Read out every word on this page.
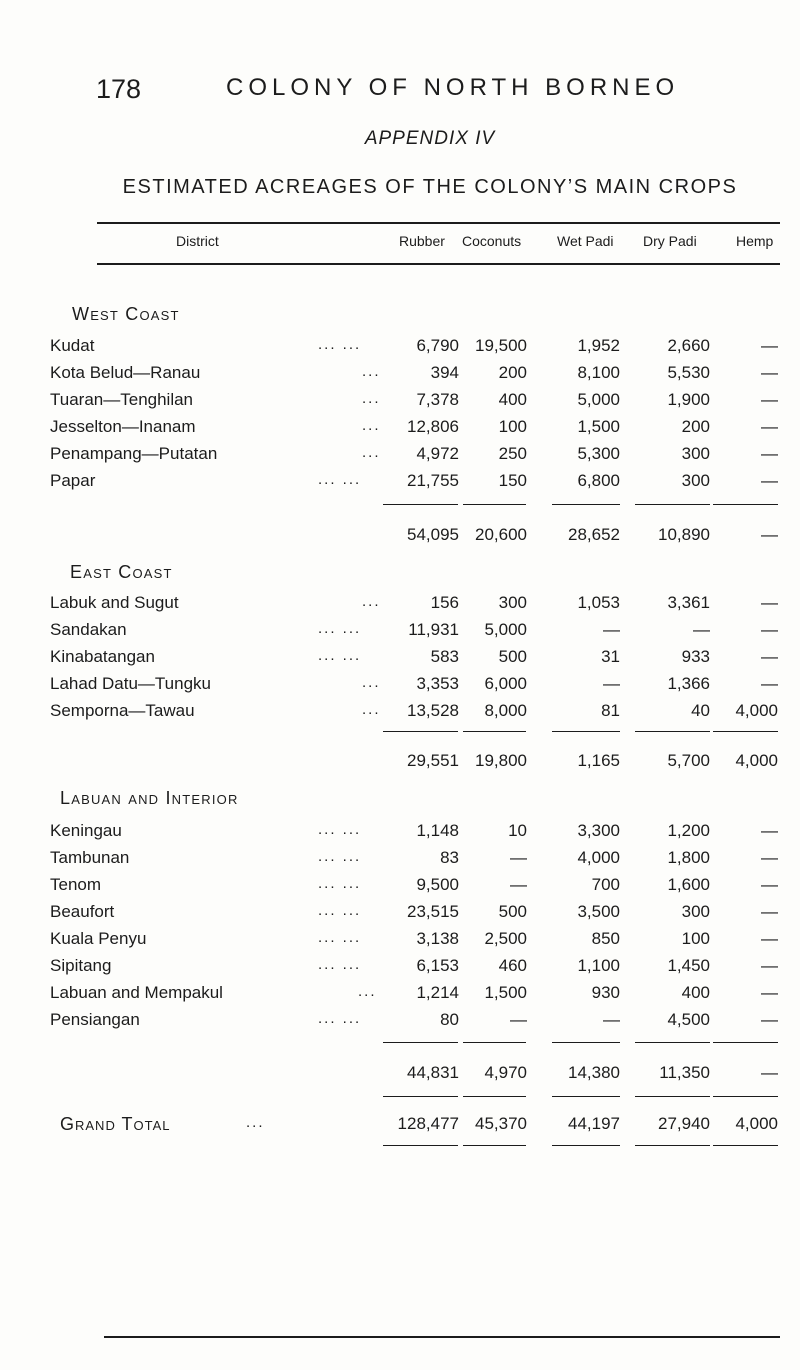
178	COLONY OF NORTH BORNEO
APPENDIX IV
ESTIMATED ACREAGES OF THE COLONY’S MAIN CROPS
District	Rubber Coconuts	Wet Padi Dry Padi	Hemp
West Coast
Kudat	... ...	6,790 19,500	1,952	2,660	—
Kota Belud—Ranau	...	394	200	8,100	5,530	—
Tuaran—Tenghilan	...	7,378	400	5,000	1,900	—
Jesselton—Inanam	...	12,806	100	1,500	200	—
Penampang—Putatan	...	4,972	250	5,300	300	—
Papar	... ...	21,755	150	6,800	300	—
54,095 20,600	28,652	10,890	—
East Coast
Labuk and Sugut	...	156	300	1,053	3,361	—
Sandakan	... ...	11,931	5,000	—	—	—
Kinabatangan	... ...	583	500	31	933	—
Lahad Datu—Tungku	...	3,353	6,000	—	1,366	—
Semporna—Tawau	...	13,528	8,000	81	40	4,000
29,551 19,800	1,165	5,700	4,000
Labuan and Interior
Keningau	... ...	1,148	10	3,300	1,200	—
Tambunan	... ...	83	—	4,000	1,800	—
Tenom	... ...	9,500	—	700	1,600	—
Beaufort	... ...	23,515	500	3,500	300	—
Kuala Penyu	... ...	3,138	2,500	850	100	—
Sipitang	... ...	6,153	460	1,100	1,450	—
Labuan and Mempakul	...	1,214	1,500	930	400	—
Pensiangan	... ...	80	—	—	4,500	—
44,831	4,970	14,380	11,350	—
Grand Total	...	128,477 45,370	44,197	27,940	4,000
